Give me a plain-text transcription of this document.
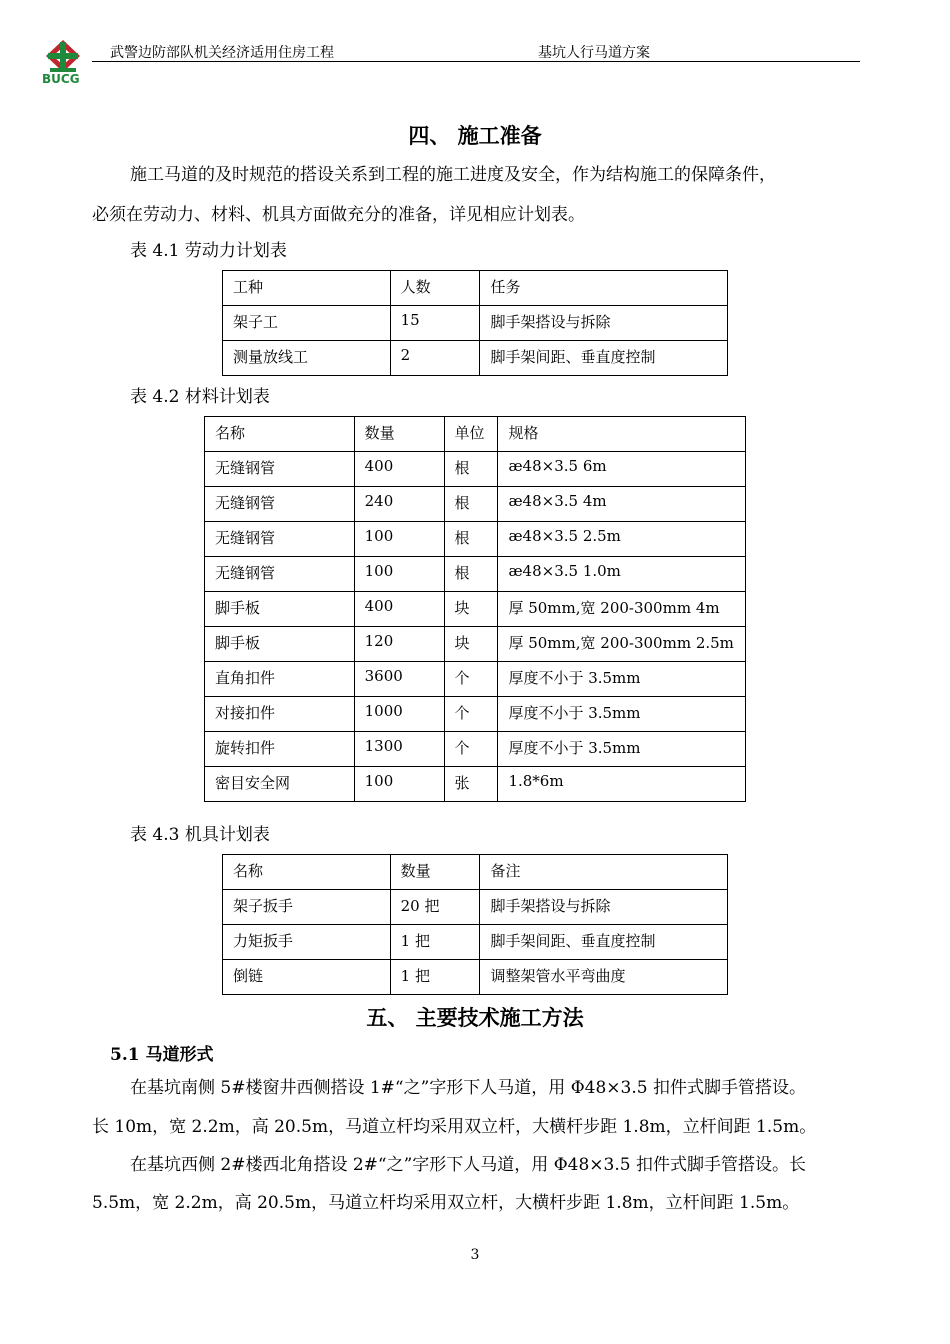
BUCG
武警边防部队机关经济适用住房工程	基坑人行马道方案
四、 施工准备
施工马道的及时规范的搭设关系到工程的施工进度及安全，作为结构施工的保障条件，
必须在劳动力、材料、机具方面做充分的准备，详见相应计划表。
表 4.1 劳动力计划表
工种	人数	任务
架子工	15	脚手架搭设与拆除
测量放线工	2	脚手架间距、垂直度控制
表 4.2 材料计划表
名称	数量	单位	规格
无缝钢管	400	根	ӕ48×3.5 6m
无缝钢管	240	根	ӕ48×3.5 4m
无缝钢管	100	根	ӕ48×3.5 2.5m
无缝钢管	100	根	ӕ48×3.5 1.0m
脚手板	400	块	厚 50mm,宽 200-300mm 4m
脚手板	120	块	厚 50mm,宽 200-300mm 2.5m
直角扣件	3600	个	厚度不小于 3.5mm
对接扣件	1000	个	厚度不小于 3.5mm
旋转扣件	1300	个	厚度不小于 3.5mm
密目安全网	100	张	1.8*6m
表 4.3 机具计划表
名称	数量	备注
架子扳手	20 把	脚手架搭设与拆除
力矩扳手	1 把	脚手架间距、垂直度控制
倒链	1 把	调整架管水平弯曲度
五、 主要技术施工方法
5.1 马道形式
在基坑南侧 5#楼窗井西侧搭设 1#“之”字形下人马道，用 Φ48×3.5 扣件式脚手管搭设。
长 10m，宽 2.2m，高 20.5m，马道立杆均采用双立杆，大横杆步距 1.8m，立杆间距 1.5m。
在基坑西侧 2#楼西北角搭设 2#“之”字形下人马道，用 Φ48×3.5 扣件式脚手管搭设。长
5.5m，宽 2.2m，高 20.5m，马道立杆均采用双立杆，大横杆步距 1.8m，立杆间距 1.5m。
3
